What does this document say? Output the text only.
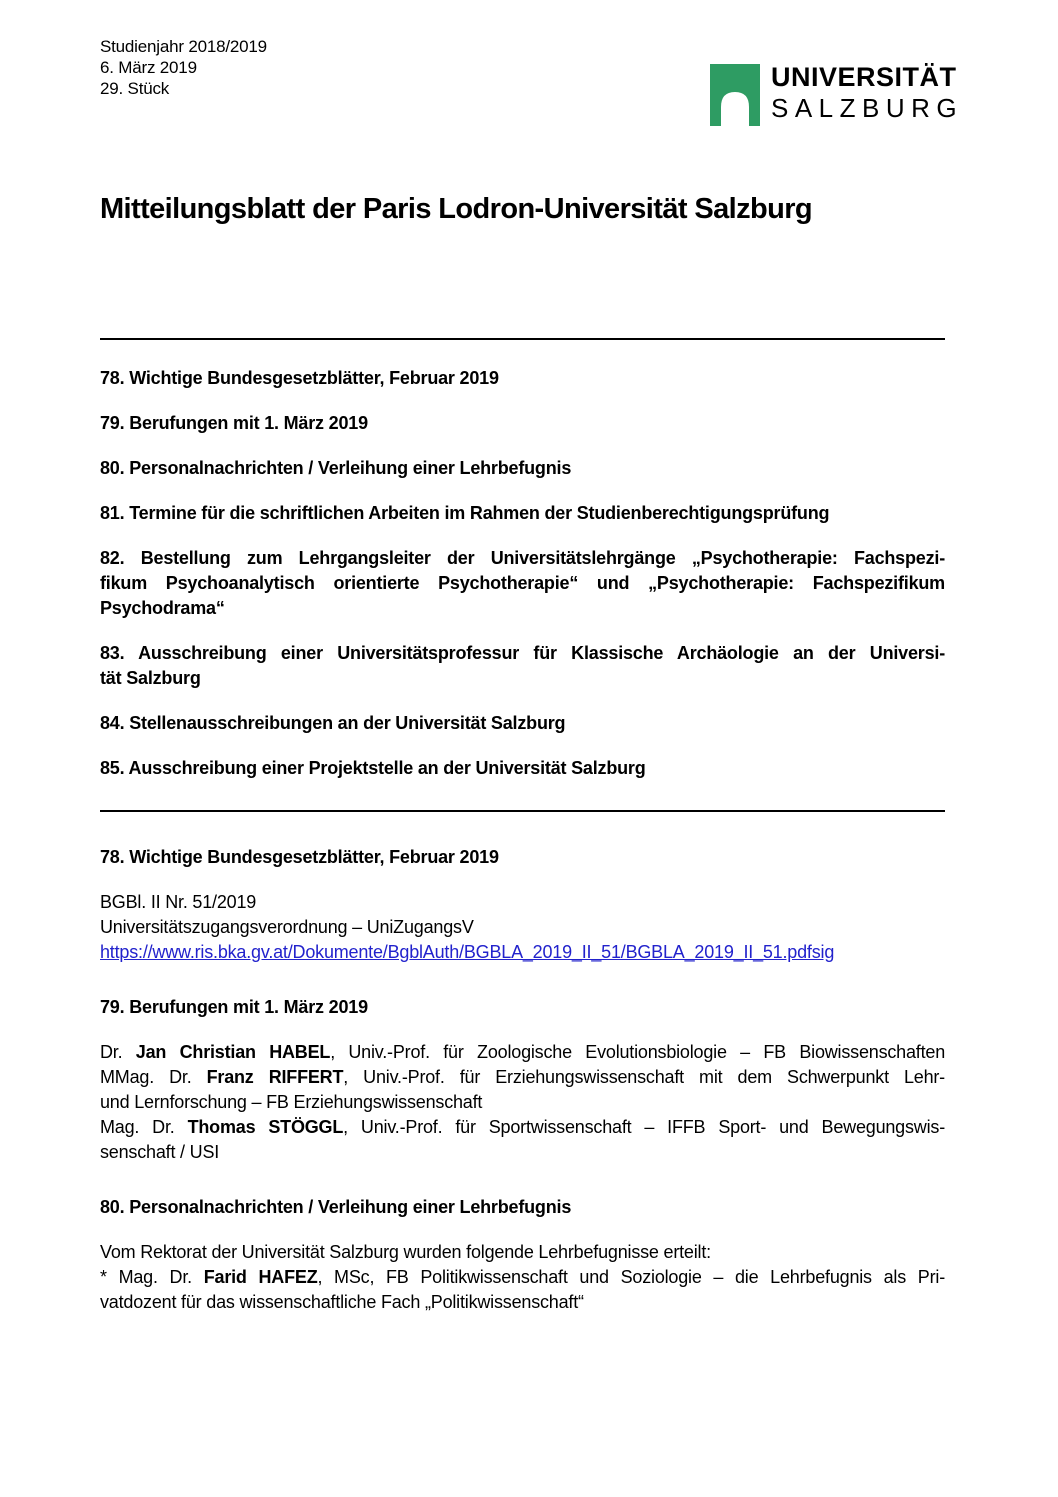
Studienjahr 2018/2019
6. März 2019
29. Stück	UNIVERSITÄT
SALZBURG
Mitteilungsblatt der Paris Lodron-Universität Salzburg
78. Wichtige Bundesgesetzblätter, Februar 2019
79. Berufungen mit 1. März 2019
80. Personalnachrichten / Verleihung einer Lehrbefugnis
81. Termine für die schriftlichen Arbeiten im Rahmen der Studienberechtigungsprüfung
82. Bestellung zum Lehrgangsleiter der Universitätslehrgänge „Psychotherapie: Fachspezi-
fikum Psychoanalytisch orientierte Psychotherapie“ und „Psychotherapie: Fachspezifikum
Psychodrama“
83. Ausschreibung einer Universitätsprofessur für Klassische Archäologie an der Universi-
tät Salzburg
84. Stellenausschreibungen an der Universität Salzburg
85. Ausschreibung einer Projektstelle an der Universität Salzburg
78. Wichtige Bundesgesetzblätter, Februar 2019
BGBl. II Nr. 51/2019
Universitätszugangsverordnung – UniZugangsV
https://www.ris.bka.gv.at/Dokumente/BgblAuth/BGBLA_2019_II_51/BGBLA_2019_II_51.pdfsig
79. Berufungen mit 1. März 2019
Dr. Jan Christian HABEL, Univ.-Prof. für Zoologische Evolutionsbiologie – FB Biowissenschaften
MMag. Dr. Franz RIFFERT, Univ.-Prof. für Erziehungswissenschaft mit dem Schwerpunkt Lehr-
und Lernforschung – FB Erziehungswissenschaft
Mag. Dr. Thomas STÖGGL, Univ.-Prof. für Sportwissenschaft – IFFB Sport- und Bewegungswis-
senschaft / USI
80. Personalnachrichten / Verleihung einer Lehrbefugnis
Vom Rektorat der Universität Salzburg wurden folgende Lehrbefugnisse erteilt:
* Mag. Dr. Farid HAFEZ, MSc, FB Politikwissenschaft und Soziologie – die Lehrbefugnis als Pri-
vatdozent für das wissenschaftliche Fach „Politikwissenschaft“
